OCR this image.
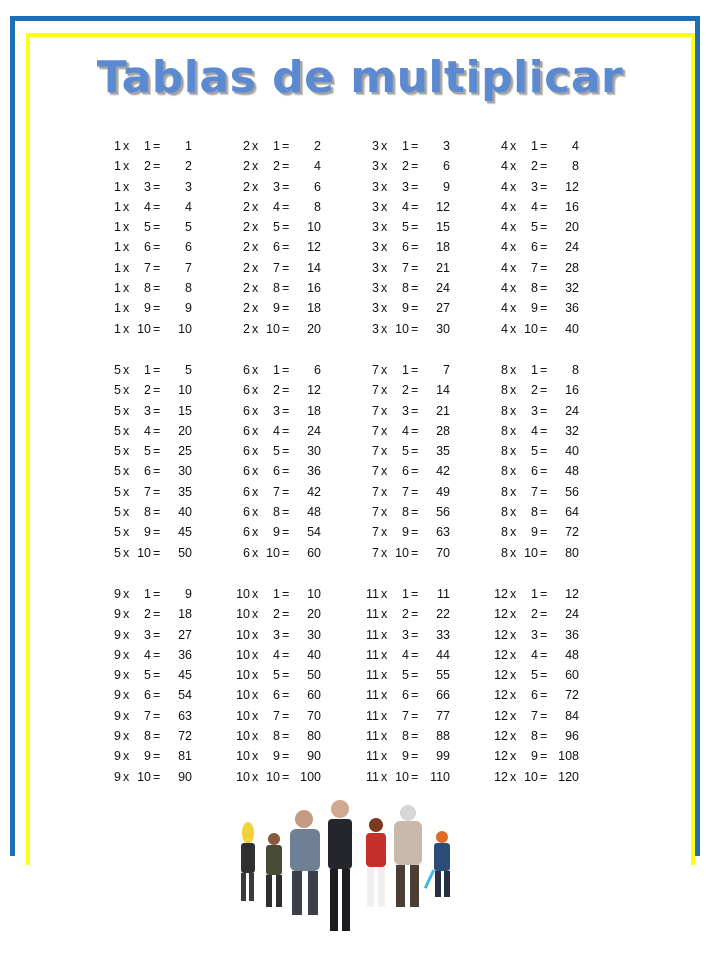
Tablas de multiplicar
1 x	1 =	1
1 x	2 =	2
1 x	3 =	3
1 x	4 =	4
1 x	5 =	5
1 x	6 =	6
1 x	7 =	7
1 x	8 =	8
1 x	9 =	9
1 x 10 =	10
2 x	1 =	2
2 x	2 =	4
2 x	3 =	6
2 x	4 =	8
2 x	5 =	10
2 x	6 =	12
2 x	7 =	14
2 x	8 =	16
2 x	9 =	18
2 x 10 =	20
3 x	1 =	3
3 x	2 =	6
3 x	3 =	9
3 x	4 =	12
3 x	5 =	15
3 x	6 =	18
3 x	7 =	21
3 x	8 =	24
3 x	9 =	27
3 x 10 =	30
4 x	1 =	4
4 x	2 =	8
4 x	3 =	12
4 x	4 =	16
4 x	5 =	20
4 x	6 =	24
4 x	7 =	28
4 x	8 =	32
4 x	9 =	36
4 x 10 =	40
5 x	1 =	5
5 x	2 =	10
5 x	3 =	15
5 x	4 =	20
5 x	5 =	25
5 x	6 =	30
5 x	7 =	35
5 x	8 =	40
5 x	9 =	45
5 x 10 =	50
6 x	1 =	6
6 x	2 =	12
6 x	3 =	18
6 x	4 =	24
6 x	5 =	30
6 x	6 =	36
6 x	7 =	42
6 x	8 =	48
6 x	9 =	54
6 x 10 =	60
7 x	1 =	7
7 x	2 =	14
7 x	3 =	21
7 x	4 =	28
7 x	5 =	35
7 x	6 =	42
7 x	7 =	49
7 x	8 =	56
7 x	9 =	63
7 x 10 =	70
8 x	1 =	8
8 x	2 =	16
8 x	3 =	24
8 x	4 =	32
8 x	5 =	40
8 x	6 =	48
8 x	7 =	56
8 x	8 =	64
8 x	9 =	72
8 x 10 =	80
9 x	1 =	9
9 x	2 =	18
9 x	3 =	27
9 x	4 =	36
9 x	5 =	45
9 x	6 =	54
9 x	7 =	63
9 x	8 =	72
9 x	9 =	81
9 x 10 =	90
10 x	1 =	10
10 x	2 =	20
10 x	3 =	30
10 x	4 =	40
10 x	5 =	50
10 x	6 =	60
10 x	7 =	70
10 x	8 =	80
10 x	9 =	90
10 x 10 = 100
11 x	1 =	11
11 x	2 =	22
11 x	3 =	33
11 x	4 =	44
11 x	5 =	55
11 x	6 =	66
11 x	7 =	77
11 x	8 =	88
11 x	9 =	99
11 x 10 = 110
12 x	1 =	12
12 x	2 =	24
12 x	3 =	36
12 x	4 =	48
12 x	5 =	60
12 x	6 =	72
12 x	7 =	84
12 x	8 =	96
12 x	9 = 108
12 x 10 = 120
